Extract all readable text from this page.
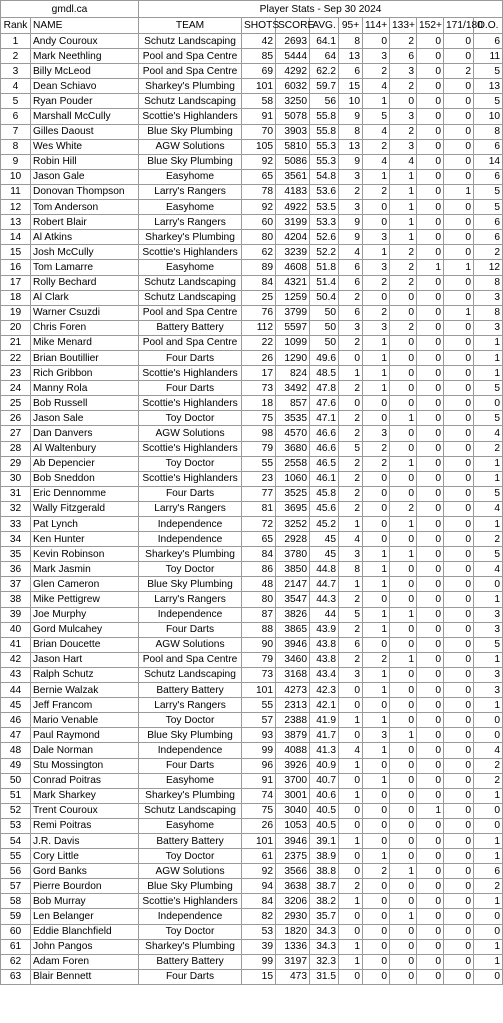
gmdl.ca		Player Stats - Sep 30 2024									
Rank	NAME	TEAM	SHOTS	SCORE	AVG.	95+	114+	133+	152+	171/180	D.O.
1	Andy Couroux	Schutz Landscaping	42	2693	64.1	8	0	2	0	0	6
2	Mark Neethling	Pool and Spa Centre	85	5444	64	13	3	6	0	0	11
3	Billy McLeod	Pool and Spa Centre	69	4292	62.2	6	2	3	0	2	5
4	Dean Schiavo	Sharkey's Plumbing	101	6032	59.7	15	4	2	0	0	13
5	Ryan Pouder	Schutz Landscaping	58	3250	56	10	1	0	0	0	5
6	Marshall McCully	Scottie's Highlanders	91	5078	55.8	9	5	3	0	0	10
7	Gilles Daoust	Blue Sky Plumbing	70	3903	55.8	8	4	2	0	0	8
8	Wes White	AGW Solutions	105	5810	55.3	13	2	3	0	0	6
9	Robin Hill	Blue Sky Plumbing	92	5086	55.3	9	4	4	0	0	14
10	Jason Gale	Easyhome	65	3561	54.8	3	1	1	0	0	6
11	Donovan Thompson	Larry's Rangers	78	4183	53.6	2	2	1	0	1	5
12	Tom Anderson	Easyhome	92	4922	53.5	3	0	1	0	0	5
13	Robert Blair	Larry's Rangers	60	3199	53.3	9	0	1	0	0	6
14	Al Atkins	Sharkey's Plumbing	80	4204	52.6	9	3	1	0	0	6
15	Josh McCully	Scottie's Highlanders	62	3239	52.2	4	1	2	0	0	2
16	Tom Lamarre	Easyhome	89	4608	51.8	6	3	2	1	1	12
17	Rolly Bechard	Schutz Landscaping	84	4321	51.4	6	2	2	0	0	8
18	Al Clark	Schutz Landscaping	25	1259	50.4	2	0	0	0	0	3
19	Warner Csuzdi	Pool and Spa Centre	76	3799	50	6	2	0	0	1	8
20	Chris Foren	Battery Battery	112	5597	50	3	3	2	0	0	3
21	Mike Menard	Pool and Spa Centre	22	1099	50	2	1	0	0	0	1
22	Brian Boutillier	Four Darts	26	1290	49.6	0	1	0	0	0	1
23	Rich Gribbon	Scottie's Highlanders	17	824	48.5	1	1	0	0	0	1
24	Manny Rola	Four Darts	73	3492	47.8	2	1	0	0	0	5
25	Bob Russell	Scottie's Highlanders	18	857	47.6	0	0	0	0	0	0
26	Jason Sale	Toy Doctor	75	3535	47.1	2	0	1	0	0	5
27	Dan Danvers	AGW Solutions	98	4570	46.6	2	3	0	0	0	4
28	Al Waltenbury	Scottie's Highlanders	79	3680	46.6	5	2	0	0	0	2
29	Ab Depencier	Toy Doctor	55	2558	46.5	2	2	1	0	0	1
30	Bob Sneddon	Scottie's Highlanders	23	1060	46.1	2	0	0	0	0	1
31	Eric Dennomme	Four Darts	77	3525	45.8	2	0	0	0	0	5
32	Wally Fitzgerald	Larry's Rangers	81	3695	45.6	2	0	2	0	0	4
33	Pat Lynch	Independence	72	3252	45.2	1	0	1	0	0	1
34	Ken Hunter	Independence	65	2928	45	4	0	0	0	0	2
35	Kevin Robinson	Sharkey's Plumbing	84	3780	45	3	1	1	0	0	5
36	Mark Jasmin	Toy Doctor	86	3850	44.8	8	1	0	0	0	4
37	Glen Cameron	Blue Sky Plumbing	48	2147	44.7	1	1	0	0	0	0
38	Mike Pettigrew	Larry's Rangers	80	3547	44.3	2	0	0	0	0	1
39	Joe Murphy	Independence	87	3826	44	5	1	1	0	0	3
40	Gord Mulcahey	Four Darts	88	3865	43.9	2	1	0	0	0	3
41	Brian Doucette	AGW Solutions	90	3946	43.8	6	0	0	0	0	5
42	Jason Hart	Pool and Spa Centre	79	3460	43.8	2	2	1	0	0	1
43	Ralph Schutz	Schutz Landscaping	73	3168	43.4	3	1	0	0	0	3
44	Bernie Walzak	Battery Battery	101	4273	42.3	0	1	0	0	0	3
45	Jeff Francom	Larry's Rangers	55	2313	42.1	0	0	0	0	0	1
46	Mario Venable	Toy Doctor	57	2388	41.9	1	1	0	0	0	0
47	Paul Raymond	Blue Sky Plumbing	93	3879	41.7	0	3	1	0	0	0
48	Dale Norman	Independence	99	4088	41.3	4	1	0	0	0	4
49	Stu Mossington	Four Darts	96	3926	40.9	1	0	0	0	0	2
50	Conrad Poitras	Easyhome	91	3700	40.7	0	1	0	0	0	2
51	Mark Sharkey	Sharkey's Plumbing	74	3001	40.6	1	0	0	0	0	1
52	Trent Couroux	Schutz Landscaping	75	3040	40.5	0	0	0	1	0	0
53	Remi Poitras	Easyhome	26	1053	40.5	0	0	0	0	0	0
54	J.R. Davis	Battery Battery	101	3946	39.1	1	0	0	0	0	1
55	Cory Little	Toy Doctor	61	2375	38.9	0	1	0	0	0	1
56	Gord Banks	AGW Solutions	92	3566	38.8	0	2	1	0	0	6
57	Pierre Bourdon	Blue Sky Plumbing	94	3638	38.7	2	0	0	0	0	2
58	Bob Murray	Scottie's Highlanders	84	3206	38.2	1	0	0	0	0	1
59	Len Belanger	Independence	82	2930	35.7	0	0	1	0	0	0
60	Eddie Blanchfield	Toy Doctor	53	1820	34.3	0	0	0	0	0	0
61	John Pangos	Sharkey's Plumbing	39	1336	34.3	1	0	0	0	0	1
62	Adam Foren	Battery Battery	99	3197	32.3	1	0	0	0	0	1
63	Blair Bennett	Four Darts	15	473	31.5	0	0	0	0	0	0
